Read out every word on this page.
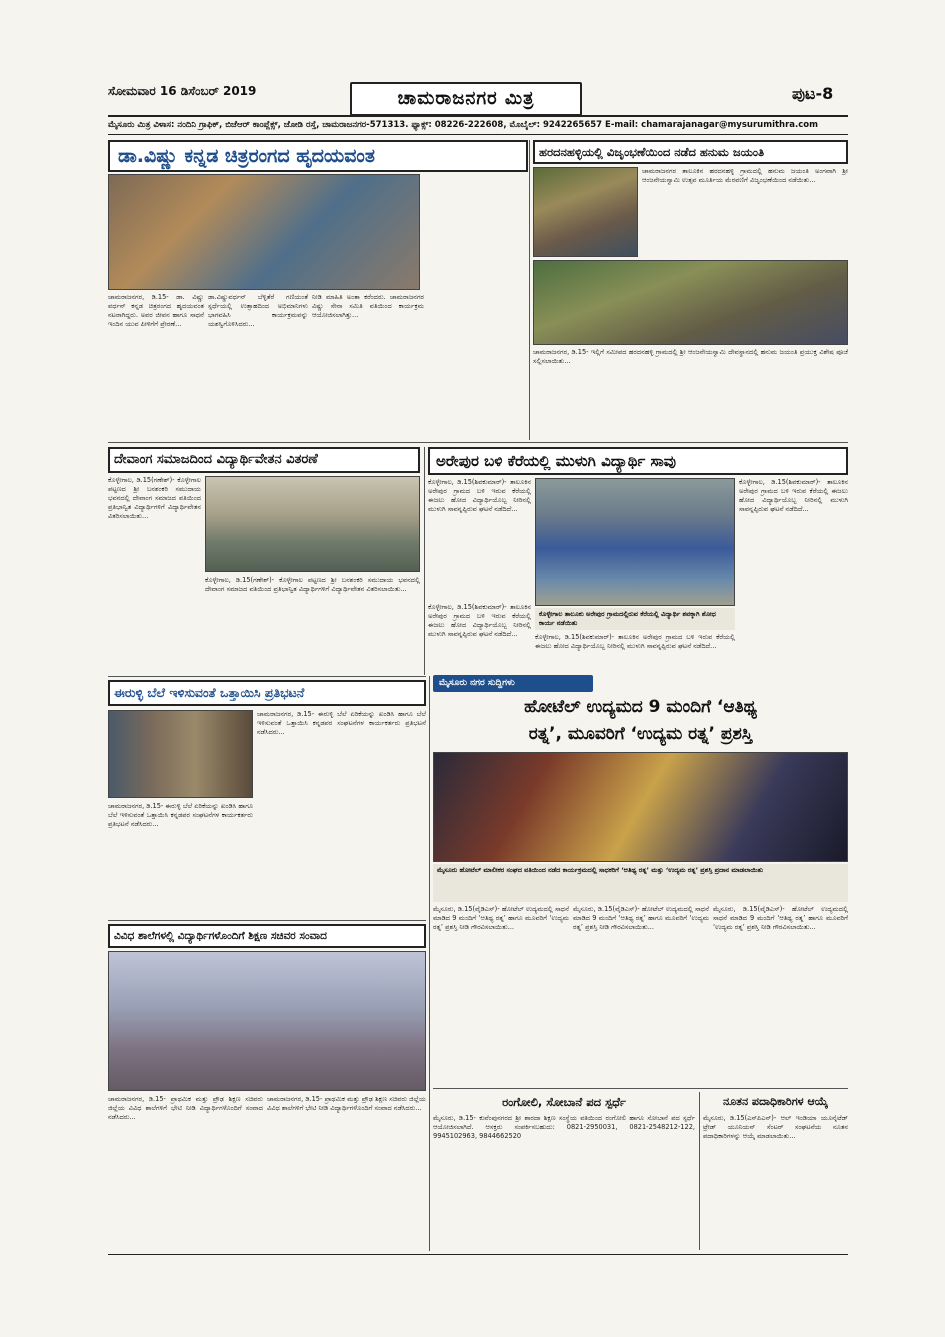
ಸೋಮವಾರ 16 ಡಿಸೆಂಬರ್ 2019	ಚಾಮರಾಜನಗರ ಮಿತ್ರ	ಪುಟ-8
ಮೈಸೂರು ಮಿತ್ರ ವಿಳಾಸ: ನಂದಿನಿ ಗ್ರಾಫಿಕ್, ಬಿಜೆಆರ್ ಕಾಂಪ್ಲೆಕ್ಸ್, ಜೋಡಿ ರಸ್ತೆ, ಚಾಮರಾಜನಗರ-571313. ಫ್ಯಾಕ್ಸ್: 08226-222608, ಮೊಬೈಲ್: 9242265657 E-mail: chamarajanagar@mysurumithra.com
ಡಾ.ವಿಷ್ಣು ಕನ್ನಡ ಚಿತ್ರರಂಗದ ಹೃದಯವಂತ
ಚಾಮರಾಜನಗರ, ಡಿ.15- ಡಾ. ವಿಷ್ಣು ವರ್ಧನ್ ಕನ್ನಡ ಚಿತ್ರರಂಗದ ಹೃದಯವಂತ ನಟರಾಗಿದ್ದರು. ಅವರ ಜೀವನ ಹಾಗೂ ಸಾಧನೆ ಇಂದಿನ ಯುವ ಪೀಳಿಗೆಗೆ ಪ್ರೇರಣೆ...
ಡಾ.ವಿಷ್ಣುವರ್ಧನ್ ಬೆಳ್ಳಿತೆರೆ ಗಣಿಯಂತೆ ಸ್ಪರ್ಧೆಯಲ್ಲಿ ಉತ್ಸಾಹದಿಂದ ಅಭಿಮಾನಿಗಳು ಭಾಗವಹಿಸಿ ಕಾರ್ಯಕ್ರಮವನ್ನು ಯಶಸ್ವಿಗೊಳಿಸಿದರು...
ನೀಡಿ ಮಾಹಿತಿ ಅಂತಾ ಕರೆಂದರು. ಚಾಮರಾಜನಗರ ವಿಷ್ಣು ಸೇನಾ ಸಮಿತಿ ವತಿಯಿಂದ ಕಾರ್ಯಕ್ರಮ ಆಯೋಜಿಸಲಾಗಿತ್ತು...
ಹರದನಹಳ್ಳಿಯಲ್ಲಿ ವಿಜೃಂಭಣೆಯಿಂದ ನಡೆದ ಹನುಮ ಜಯಂತಿ
ಚಾಮರಾಜನಗರ ತಾಲೂಕಿನ ಹರದನಹಳ್ಳಿ ಗ್ರಾಮದಲ್ಲಿ ಹನುಮ ಜಯಂತಿ ಅಂಗವಾಗಿ ಶ್ರೀ ಆಂಜನೇಯಸ್ವಾಮಿ ಉತ್ಸವ ಮೂರ್ತಿಯ ಮೆರವಣಿಗೆ ವಿಜೃಂಭಣೆಯಿಂದ ನಡೆಯಿತು...
ಚಾಮರಾಜನಗರ, ಡಿ.15- ಇಲ್ಲಿಗೆ ಸಮೀಪದ ಹರದನಹಳ್ಳಿ ಗ್ರಾಮದಲ್ಲಿ ಶ್ರೀ ಆಂಜನೇಯಸ್ವಾಮಿ ದೇವಸ್ಥಾನದಲ್ಲಿ ಹನುಮ ಜಯಂತಿ ಪ್ರಯುಕ್ತ ವಿಶೇಷ ಪೂಜೆ ಸಲ್ಲಿಸಲಾಯಿತು...
ದೇವಾಂಗ ಸಮಾಜದಿಂದ ವಿದ್ಯಾರ್ಥಿವೇತನ ವಿತರಣೆ
ಕೊಳ್ಳೇಗಾಲ, ಡಿ.15(ಗಣೇಶ್)- ಕೊಳ್ಳೇಗಾಲ ಪಟ್ಟಣದ ಶ್ರೀ ಬನಶಂಕರಿ ಸಮುದಾಯ ಭವನದಲ್ಲಿ ದೇವಾಂಗ ಸಮಾಜದ ವತಿಯಿಂದ ಪ್ರತಿಭಾನ್ವಿತ ವಿದ್ಯಾರ್ಥಿಗಳಿಗೆ ವಿದ್ಯಾರ್ಥಿವೇತನ ವಿತರಿಸಲಾಯಿತು...
ಕೊಳ್ಳೇಗಾಲ, ಡಿ.15(ಗಣೇಶ್)- ಕೊಳ್ಳೇಗಾಲ ಪಟ್ಟಣದ ಶ್ರೀ ಬನಶಂಕರಿ ಸಮುದಾಯ ಭವನದಲ್ಲಿ ದೇವಾಂಗ ಸಮಾಜದ ವತಿಯಿಂದ ಪ್ರತಿಭಾನ್ವಿತ ವಿದ್ಯಾರ್ಥಿಗಳಿಗೆ ವಿದ್ಯಾರ್ಥಿವೇತನ ವಿತರಿಸಲಾಯಿತು...
ಅರೇಪುರ ಬಳಿ ಕೆರೆಯಲ್ಲಿ ಮುಳುಗಿ ವಿದ್ಯಾರ್ಥಿ ಸಾವು
ಕೊಳ್ಳೇಗಾಲ, ಡಿ.15(ಶಿವಕುಮಾರ್)- ತಾಲೂಕಿನ ಅರೇಪುರ ಗ್ರಾಮದ ಬಳಿ ಇರುವ ಕೆರೆಯಲ್ಲಿ ಈಜಲು ಹೋದ ವಿದ್ಯಾರ್ಥಿಯೊಬ್ಬ ನೀರಿನಲ್ಲಿ ಮುಳುಗಿ ಸಾವನ್ನಪ್ಪಿರುವ ಘಟನೆ ನಡೆದಿದೆ...
ಕೊಳ್ಳೇಗಾಲ, ಡಿ.15(ಶಿವಕುಮಾರ್)- ತಾಲೂಕಿನ ಅರೇಪುರ ಗ್ರಾಮದ ಬಳಿ ಇರುವ ಕೆರೆಯಲ್ಲಿ ಈಜಲು ಹೋದ ವಿದ್ಯಾರ್ಥಿಯೊಬ್ಬ ನೀರಿನಲ್ಲಿ ಮುಳುಗಿ ಸಾವನ್ನಪ್ಪಿರುವ ಘಟನೆ ನಡೆದಿದೆ...
ಕೊಳ್ಳೇಗಾಲ ತಾಲೂಕು ಅರೇಪುರ ಗ್ರಾಮದಲ್ಲಿರುವ ಕೆರೆಯಲ್ಲಿ ವಿದ್ಯಾರ್ಥಿ ಶವಕ್ಕಾಗಿ ಶೋಧ ಕಾರ್ಯ ನಡೆಯಿತು
ಕೊಳ್ಳೇಗಾಲ, ಡಿ.15(ಶಿವಕುಮಾರ್)- ತಾಲೂಕಿನ ಅರೇಪುರ ಗ್ರಾಮದ ಬಳಿ ಇರುವ ಕೆರೆಯಲ್ಲಿ ಈಜಲು ಹೋದ ವಿದ್ಯಾರ್ಥಿಯೊಬ್ಬ ನೀರಿನಲ್ಲಿ ಮುಳುಗಿ ಸಾವನ್ನಪ್ಪಿರುವ ಘಟನೆ ನಡೆದಿದೆ...	ಕೊಳ್ಳೇಗಾಲ, ಡಿ.15(ಶಿವಕುಮಾರ್)- ತಾಲೂಕಿನ ಅರೇಪುರ ಗ್ರಾಮದ ಬಳಿ ಇರುವ ಕೆರೆಯಲ್ಲಿ ಈಜಲು ಹೋದ ವಿದ್ಯಾರ್ಥಿಯೊಬ್ಬ ನೀರಿನಲ್ಲಿ ಮುಳುಗಿ ಸಾವನ್ನಪ್ಪಿರುವ ಘಟನೆ ನಡೆದಿದೆ...
ಈರುಳ್ಳಿ ಬೆಲೆ ಇಳಿಸುವಂತೆ ಒತ್ತಾಯಿಸಿ ಪ್ರತಿಭಟನೆ
ಚಾಮರಾಜನಗರ, ಡಿ.15- ಈರುಳ್ಳಿ ಬೆಲೆ ಏರಿಕೆಯನ್ನು ಖಂಡಿಸಿ ಹಾಗೂ ಬೆಲೆ ಇಳಿಸುವಂತೆ ಒತ್ತಾಯಿಸಿ ಕನ್ನಡಪರ ಸಂಘಟನೆಗಳ ಕಾರ್ಯಕರ್ತರು ಪ್ರತಿಭಟನೆ ನಡೆಸಿದರು...
ಚಾಮರಾಜನಗರ, ಡಿ.15- ಈರುಳ್ಳಿ ಬೆಲೆ ಏರಿಕೆಯನ್ನು ಖಂಡಿಸಿ ಹಾಗೂ ಬೆಲೆ ಇಳಿಸುವಂತೆ ಒತ್ತಾಯಿಸಿ ಕನ್ನಡಪರ ಸಂಘಟನೆಗಳ ಕಾರ್ಯಕರ್ತರು ಪ್ರತಿಭಟನೆ ನಡೆಸಿದರು...
ವಿವಿಧ ಶಾಲೆಗಳಲ್ಲಿ ವಿದ್ಯಾರ್ಥಿಗಳೊಂದಿಗೆ ಶಿಕ್ಷಣ ಸಚಿವರ ಸಂವಾದ
ಚಾಮರಾಜನಗರ, ಡಿ.15- ಪ್ರಾಥಮಿಕ ಮತ್ತು ಪ್ರೌಢ ಶಿಕ್ಷಣ ಸಚಿವರು ಜಿಲ್ಲೆಯ ವಿವಿಧ ಶಾಲೆಗಳಿಗೆ ಭೇಟಿ ನೀಡಿ ವಿದ್ಯಾರ್ಥಿಗಳೊಂದಿಗೆ ಸಂವಾದ ನಡೆಸಿದರು...
ಚಾಮರಾಜನಗರ, ಡಿ.15- ಪ್ರಾಥಮಿಕ ಮತ್ತು ಪ್ರೌಢ ಶಿಕ್ಷಣ ಸಚಿವರು ಜಿಲ್ಲೆಯ ವಿವಿಧ ಶಾಲೆಗಳಿಗೆ ಭೇಟಿ ನೀಡಿ ವಿದ್ಯಾರ್ಥಿಗಳೊಂದಿಗೆ ಸಂವಾದ ನಡೆಸಿದರು...
ಮೈಸೂರು ನಗರ ಸುದ್ದಿಗಳು
ಹೋಟೆಲ್ ಉದ್ಯಮದ 9 ಮಂದಿಗೆ ‘ಆತಿಥ್ಯ
ರತ್ನ’, ಮೂವರಿಗೆ ‘ಉದ್ಯಮ ರತ್ನ’ ಪ್ರಶಸ್ತಿ
ಮೈಸೂರು ಹೋಟೆಲ್ ಮಾಲೀಕರ ಸಂಘದ ವತಿಯಿಂದ ನಡೆದ ಕಾರ್ಯಕ್ರಮದಲ್ಲಿ ಸಾಧಕರಿಗೆ ‘ಆತಿಥ್ಯ ರತ್ನ’ ಮತ್ತು ‘ಉದ್ಯಮ ರತ್ನ’ ಪ್ರಶಸ್ತಿ ಪ್ರದಾನ ಮಾಡಲಾಯಿತು
ಮೈಸೂರು, ಡಿ.15(ವೈಡಿಎಸ್)- ಹೋಟೆಲ್ ಉದ್ಯಮದಲ್ಲಿ ಸಾಧನೆ ಮಾಡಿದ 9 ಮಂದಿಗೆ ‘ಆತಿಥ್ಯ ರತ್ನ’ ಹಾಗೂ ಮೂವರಿಗೆ ‘ಉದ್ಯಮ ರತ್ನ’ ಪ್ರಶಸ್ತಿ ನೀಡಿ ಗೌರವಿಸಲಾಯಿತು...
ಮೈಸೂರು, ಡಿ.15(ವೈಡಿಎಸ್)- ಹೋಟೆಲ್ ಉದ್ಯಮದಲ್ಲಿ ಸಾಧನೆ ಮಾಡಿದ 9 ಮಂದಿಗೆ ‘ಆತಿಥ್ಯ ರತ್ನ’ ಹಾಗೂ ಮೂವರಿಗೆ ‘ಉದ್ಯಮ ರತ್ನ’ ಪ್ರಶಸ್ತಿ ನೀಡಿ ಗೌರವಿಸಲಾಯಿತು...
ಮೈಸೂರು, ಡಿ.15(ವೈಡಿಎಸ್)- ಹೋಟೆಲ್ ಉದ್ಯಮದಲ್ಲಿ ಸಾಧನೆ ಮಾಡಿದ 9 ಮಂದಿಗೆ ‘ಆತಿಥ್ಯ ರತ್ನ’ ಹಾಗೂ ಮೂವರಿಗೆ ‘ಉದ್ಯಮ ರತ್ನ’ ಪ್ರಶಸ್ತಿ ನೀಡಿ ಗೌರವಿಸಲಾಯಿತು...
ರಂಗೋಲಿ, ಸೋಬಾನೆ ಪದ ಸ್ಪರ್ಧೆ
ಮೈಸೂರು, ಡಿ.15- ಕುವೆಂಪುನಗರದ ಶ್ರೀ ಶಾರದಾ ಶಿಕ್ಷಣ ಸಂಸ್ಥೆಯ ವತಿಯಿಂದ ರಂಗೋಲಿ ಹಾಗೂ ಸೋಬಾನೆ ಪದ ಸ್ಪರ್ಧೆ ಆಯೋಜಿಸಲಾಗಿದೆ. ಆಸಕ್ತರು ಸಂಪರ್ಕಿಸಬಹುದು: 0821-2950031, 0821-2548212-122, 9945102963, 9844662520
ನೂತನ ಪದಾಧಿಕಾರಿಗಳ ಆಯ್ಕೆ
ಮೈಸೂರು, ಡಿ.15(ಎಸ್‌ಪಿಎನ್)- ಆಲ್ ಇಂಡಿಯಾ ಯೂನೈಟೆಡ್ ಟ್ರೇಡ್ ಯೂನಿಯನ್ ಸೆಂಟರ್ ಸಂಘಟನೆಯ ನೂತನ ಪದಾಧಿಕಾರಿಗಳನ್ನು ಆಯ್ಕೆ ಮಾಡಲಾಯಿತು...
